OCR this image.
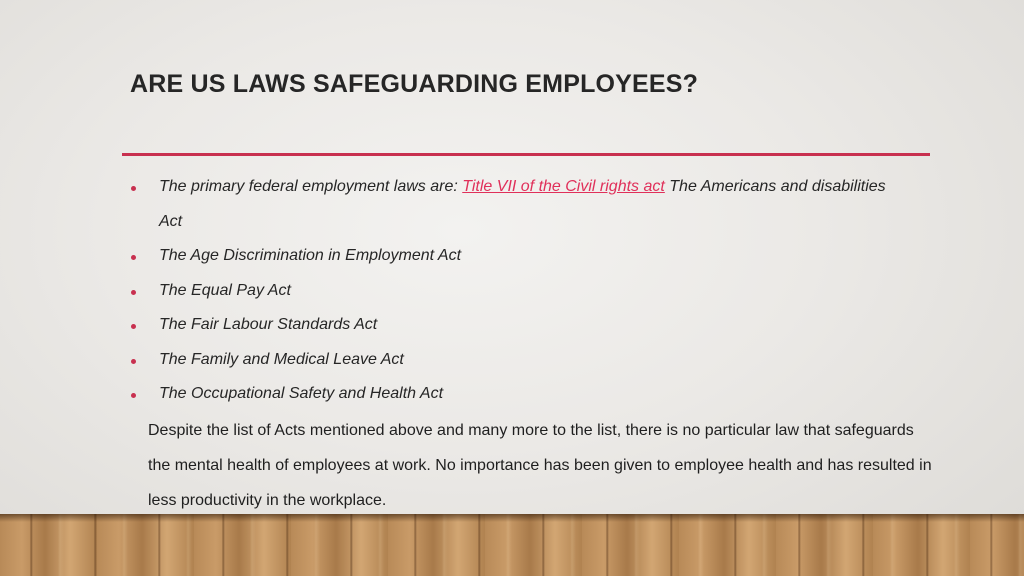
ARE US LAWS SAFEGUARDING EMPLOYEES?
The primary federal employment laws are: Title VII of the Civil rights act The Americans and disabilities Act
The Age Discrimination in Employment Act
The Equal Pay Act
The Fair Labour Standards Act
The Family and Medical Leave Act
The Occupational Safety and Health Act

Despite the list of Acts mentioned above and many more to the list, there is no particular law that safeguards the mental health of employees at work. No importance has been given to employee health and has resulted in less productivity in the workplace.
